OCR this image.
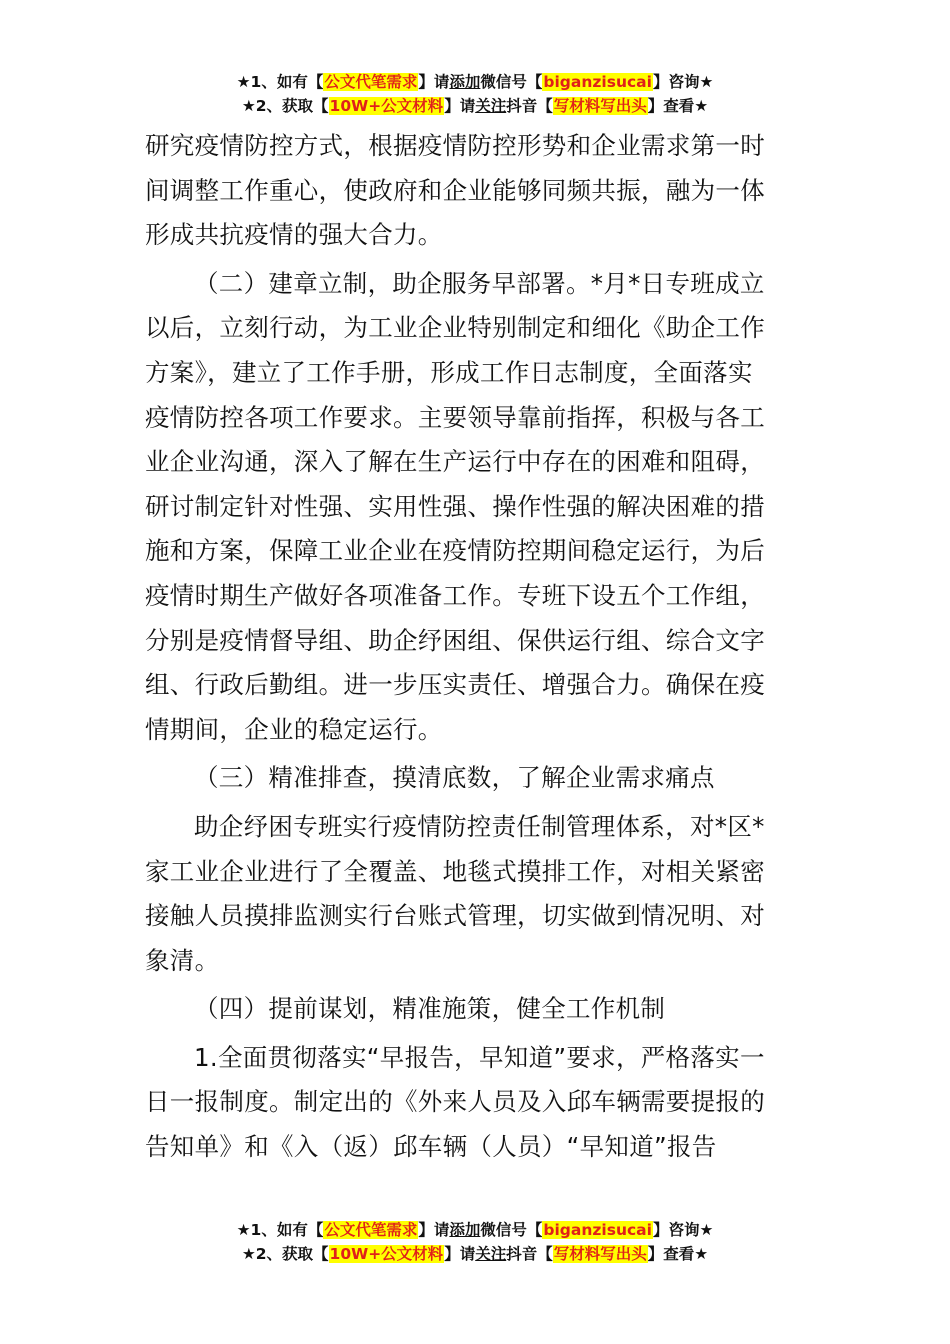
★1、如有【公文代笔需求】请添加微信号【biganzisucai】咨询★
★2、获取【10W+公文材料】请关注抖音【写材料写出头】查看★
研究疫情防控方式，根据疫情防控形势和企业需求第一时
间调整工作重心，使政府和企业能够同频共振，融为一体
形成共抗疫情的强大合力。
（二）建章立制，助企服务早部署。*月*日专班成立
以后，立刻行动，为工业企业特别制定和细化《助企工作
方案》，建立了工作手册，形成工作日志制度，全面落实
疫情防控各项工作要求。主要领导靠前指挥，积极与各工
业企业沟通，深入了解在生产运行中存在的困难和阻碍，
研讨制定针对性强、实用性强、操作性强的解决困难的措
施和方案，保障工业企业在疫情防控期间稳定运行，为后
疫情时期生产做好各项准备工作。专班下设五个工作组，
分别是疫情督导组、助企纾困组、保供运行组、综合文字
组、行政后勤组。进一步压实责任、增强合力。确保在疫
情期间，企业的稳定运行。
（三）精准排查，摸清底数，了解企业需求痛点
助企纾困专班实行疫情防控责任制管理体系，对*区*
家工业企业进行了全覆盖、地毯式摸排工作，对相关紧密
接触人员摸排监测实行台账式管理，切实做到情况明、对
象清。
（四）提前谋划，精准施策，健全工作机制
1.全面贯彻落实“早报告，早知道”要求，严格落实一
日一报制度。制定出的《外来人员及入邱车辆需要提报的
告知单》和《入（返）邱车辆（人员）“早知道”报告
★1、如有【公文代笔需求】请添加微信号【biganzisucai】咨询★
★2、获取【10W+公文材料】请关注抖音【写材料写出头】查看★
